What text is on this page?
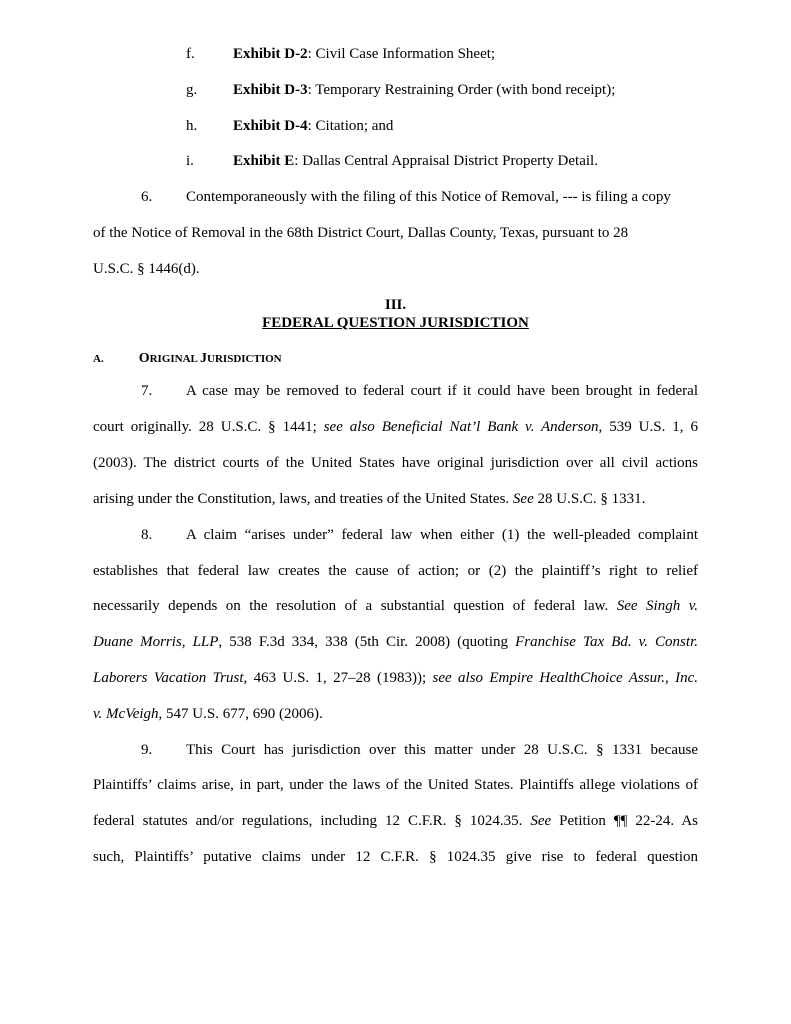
f.	Exhibit D-2: Civil Case Information Sheet;
g. Exhibit D-3: Temporary Restraining Order (with bond receipt);
h. Exhibit D-4: Citation; and
i.	Exhibit E: Dallas Central Appraisal District Property Detail.
6. Contemporaneously with the filing of this Notice of Removal, --- is filing a copy
of the Notice of Removal in the 68th District Court, Dallas County, Texas, pursuant to 28
U.S.C. § 1446(d).
III.
FEDERAL QUESTION JURISDICTION
A.	ORIGINAL JURISDICTION
7. A case may be removed to federal court if it could have been brought in federal
court originally. 28 U.S.C. § 1441; see also Beneficial Nat’l Bank v. Anderson, 539 U.S. 1, 6
(2003). The district courts of the United States have original jurisdiction over all civil actions
arising under the Constitution, laws, and treaties of the United States. See 28 U.S.C. § 1331.
8. A claim “arises under” federal law when either (1) the well-pleaded complaint
establishes that federal law creates the cause of action; or (2) the plaintiff’s right to relief
necessarily depends on the resolution of a substantial question of federal law. See Singh v.
Duane Morris, LLP, 538 F.3d 334, 338 (5th Cir. 2008) (quoting Franchise Tax Bd. v. Constr.
Laborers Vacation Trust, 463 U.S. 1, 27–28 (1983)); see also Empire HealthChoice Assur., Inc.
v. McVeigh, 547 U.S. 677, 690 (2006).
9. This Court has jurisdiction over this matter under 28 U.S.C. § 1331 because
Plaintiffs’ claims arise, in part, under the laws of the United States. Plaintiffs allege violations of
federal statutes and/or regulations, including 12 C.F.R. § 1024.35. See Petition ¶¶ 22-24. As
such, Plaintiffs’ putative claims under 12 C.F.R. § 1024.35 give rise to federal question
